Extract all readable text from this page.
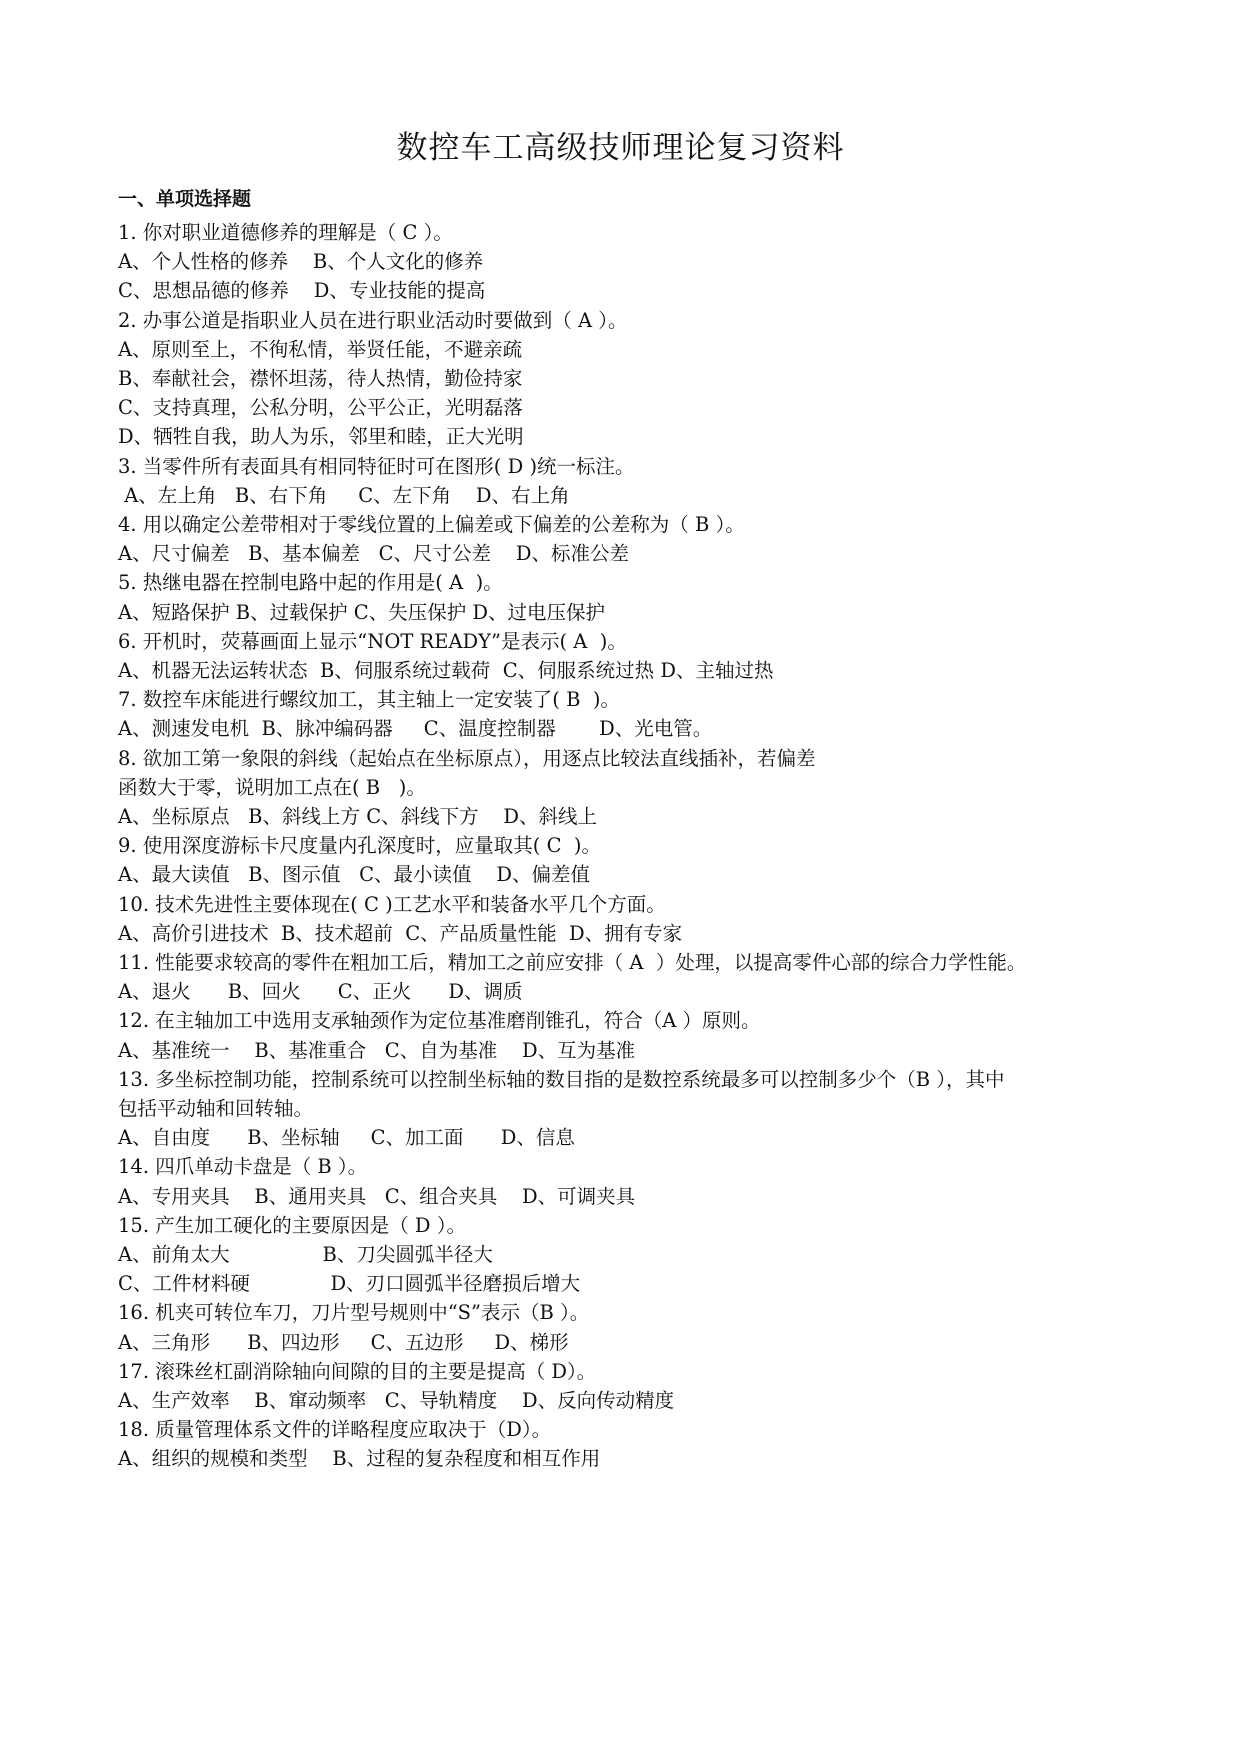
数控车工高级技师理论复习资料
一、单项选择题
1. 你对职业道德修养的理解是（ C ）。
A、个人性格的修养    B、个人文化的修养
C、思想品德的修养    D、专业技能的提高
2. 办事公道是指职业人员在进行职业活动时要做到（ A ）。
A、原则至上，不徇私情，举贤任能，不避亲疏
B、奉献社会，襟怀坦荡，待人热情，勤俭持家
C、支持真理，公私分明，公平公正，光明磊落
D、牺牲自我，助人为乐，邻里和睦，正大光明
3. 当零件所有表面具有相同特征时可在图形( D )统一标注。
A、左上角   B、右下角     C、左下角    D、右上角
4. 用以确定公差带相对于零线位置的上偏差或下偏差的公差称为（ B ）。
A、尺寸偏差   B、基本偏差   C、尺寸公差    D、标准公差
5. 热继电器在控制电路中起的作用是( A  )。
A、短路保护 B、过载保护 C、失压保护 D、过电压保护
6. 开机时，荧幕画面上显示“NOT READY”是表示( A  )。
A、机器无法运转状态  B、伺服系统过载荷  C、伺服系统过热 D、主轴过热
7. 数控车床能进行螺纹加工，其主轴上一定安装了( B  )。
A、测速发电机  B、脉冲编码器     C、温度控制器       D、光电管。
8. 欲加工第一象限的斜线（起始点在坐标原点），用逐点比较法直线插补，若偏差
函数大于零，说明加工点在( B   )。
A、坐标原点   B、斜线上方 C、斜线下方    D、斜线上
9. 使用深度游标卡尺度量内孔深度时，应量取其( C  )。
A、最大读值   B、图示值   C、最小读值    D、偏差值
10. 技术先进性主要体现在( C )工艺水平和装备水平几个方面。
A、高价引进技术  B、技术超前  C、产品质量性能  D、拥有专家
11. 性能要求较高的零件在粗加工后，精加工之前应安排（ A  ）处理，以提高零件心部的综合力学性能。
A、退火      B、回火      C、正火      D、调质
12. 在主轴加工中选用支承轴颈作为定位基准磨削锥孔，符合（A ）原则。
A、基准统一    B、基准重合   C、自为基准    D、互为基准
13. 多坐标控制功能，控制系统可以控制坐标轴的数目指的是数控系统最多可以控制多少个（B ），其中
包括平动轴和回转轴。
A、自由度      B、坐标轴     C、加工面      D、信息
14. 四爪单动卡盘是（ B ）。
A、专用夹具    B、通用夹具   C、组合夹具    D、可调夹具
15. 产生加工硬化的主要原因是（ D ）。
A、前角太大               B、刀尖圆弧半径大
C、工件材料硬             D、刃口圆弧半径磨损后增大
16. 机夹可转位车刀，刀片型号规则中“S”表示（B ）。
A、三角形      B、四边形     C、五边形     D、梯形
17. 滚珠丝杠副消除轴向间隙的目的主要是提高（ D）。
A、生产效率    B、窜动频率   C、导轨精度    D、反向传动精度
18. 质量管理体系文件的详略程度应取决于（D）。
A、组织的规模和类型    B、过程的复杂程度和相互作用
